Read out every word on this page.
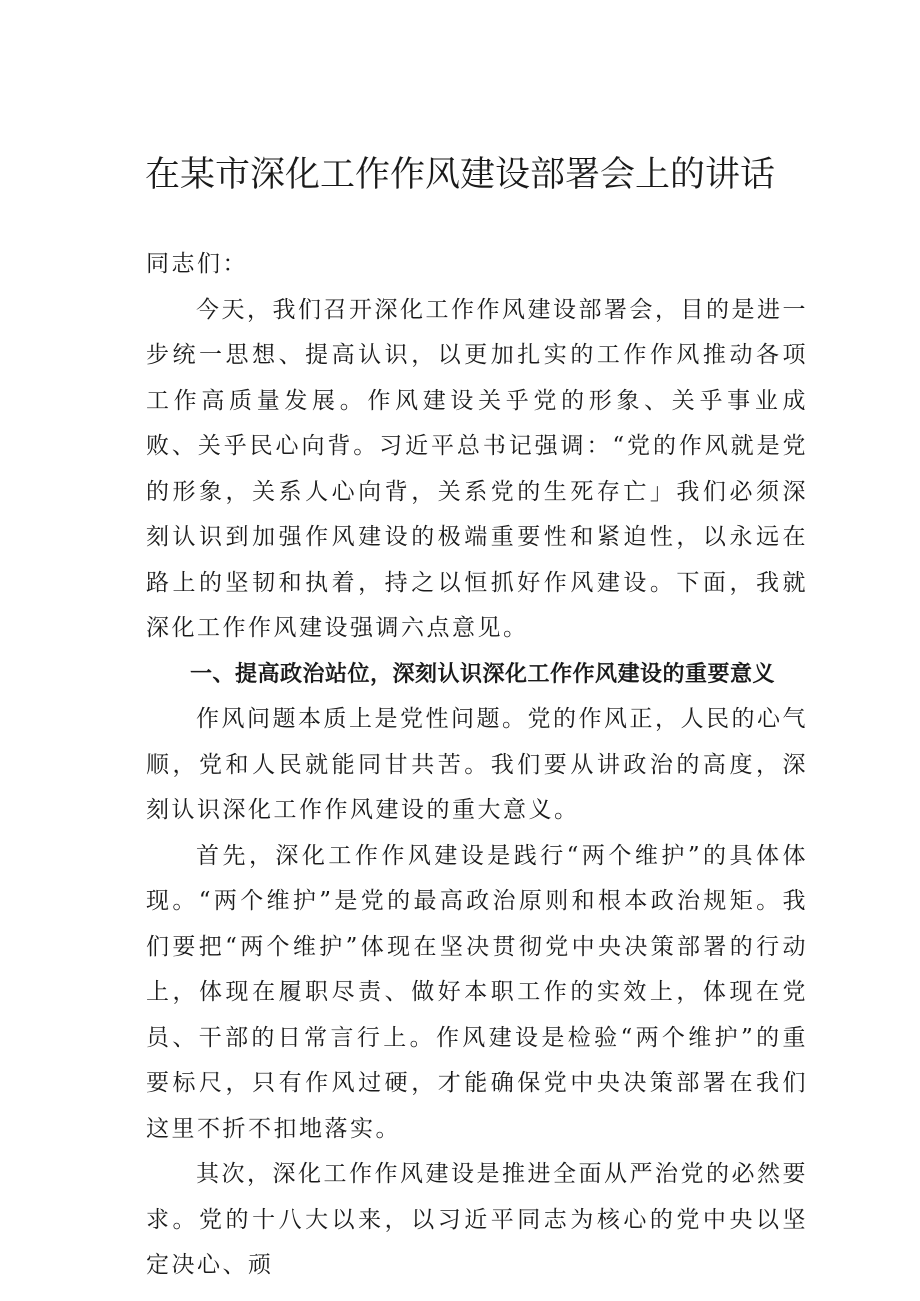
在某市深化工作作风建设部署会上的讲话

同志们：

今天，我们召开深化工作作风建设部署会，目的是进一步统一思想、提高认识，以更加扎实的工作作风推动各项工作高质量发展。作风建设关乎党的形象、关乎事业成败、关乎民心向背。习近平总书记强调：“党的作风就是党的形象，关系人心向背，关系党的生死存亡」我们必须深刻认识到加强作风建设的极端重要性和紧迫性，以永远在路上的坚韧和执着，持之以恒抓好作风建设。下面，我就深化工作作风建设强调六点意见。

一、提高政治站位，深刻认识深化工作作风建设的重要意义

作风问题本质上是党性问题。党的作风正，人民的心气顺，党和人民就能同甘共苦。我们要从讲政治的高度，深刻认识深化工作作风建设的重大意义。

首先，深化工作作风建设是践行“两个维护”的具体体现。“两个维护”是党的最高政治原则和根本政治规矩。我们要把“两个维护”体现在坚决贯彻党中央决策部署的行动上，体现在履职尽责、做好本职工作的实效上，体现在党员、干部的日常言行上。作风建设是检验“两个维护”的重要标尺，只有作风过硬，才能确保党中央决策部署在我们这里不折不扣地落实。

其次，深化工作作风建设是推进全面从严治党的必然要求。党的十八大以来，以习近平同志为核心的党中央以坚定决心、顽
